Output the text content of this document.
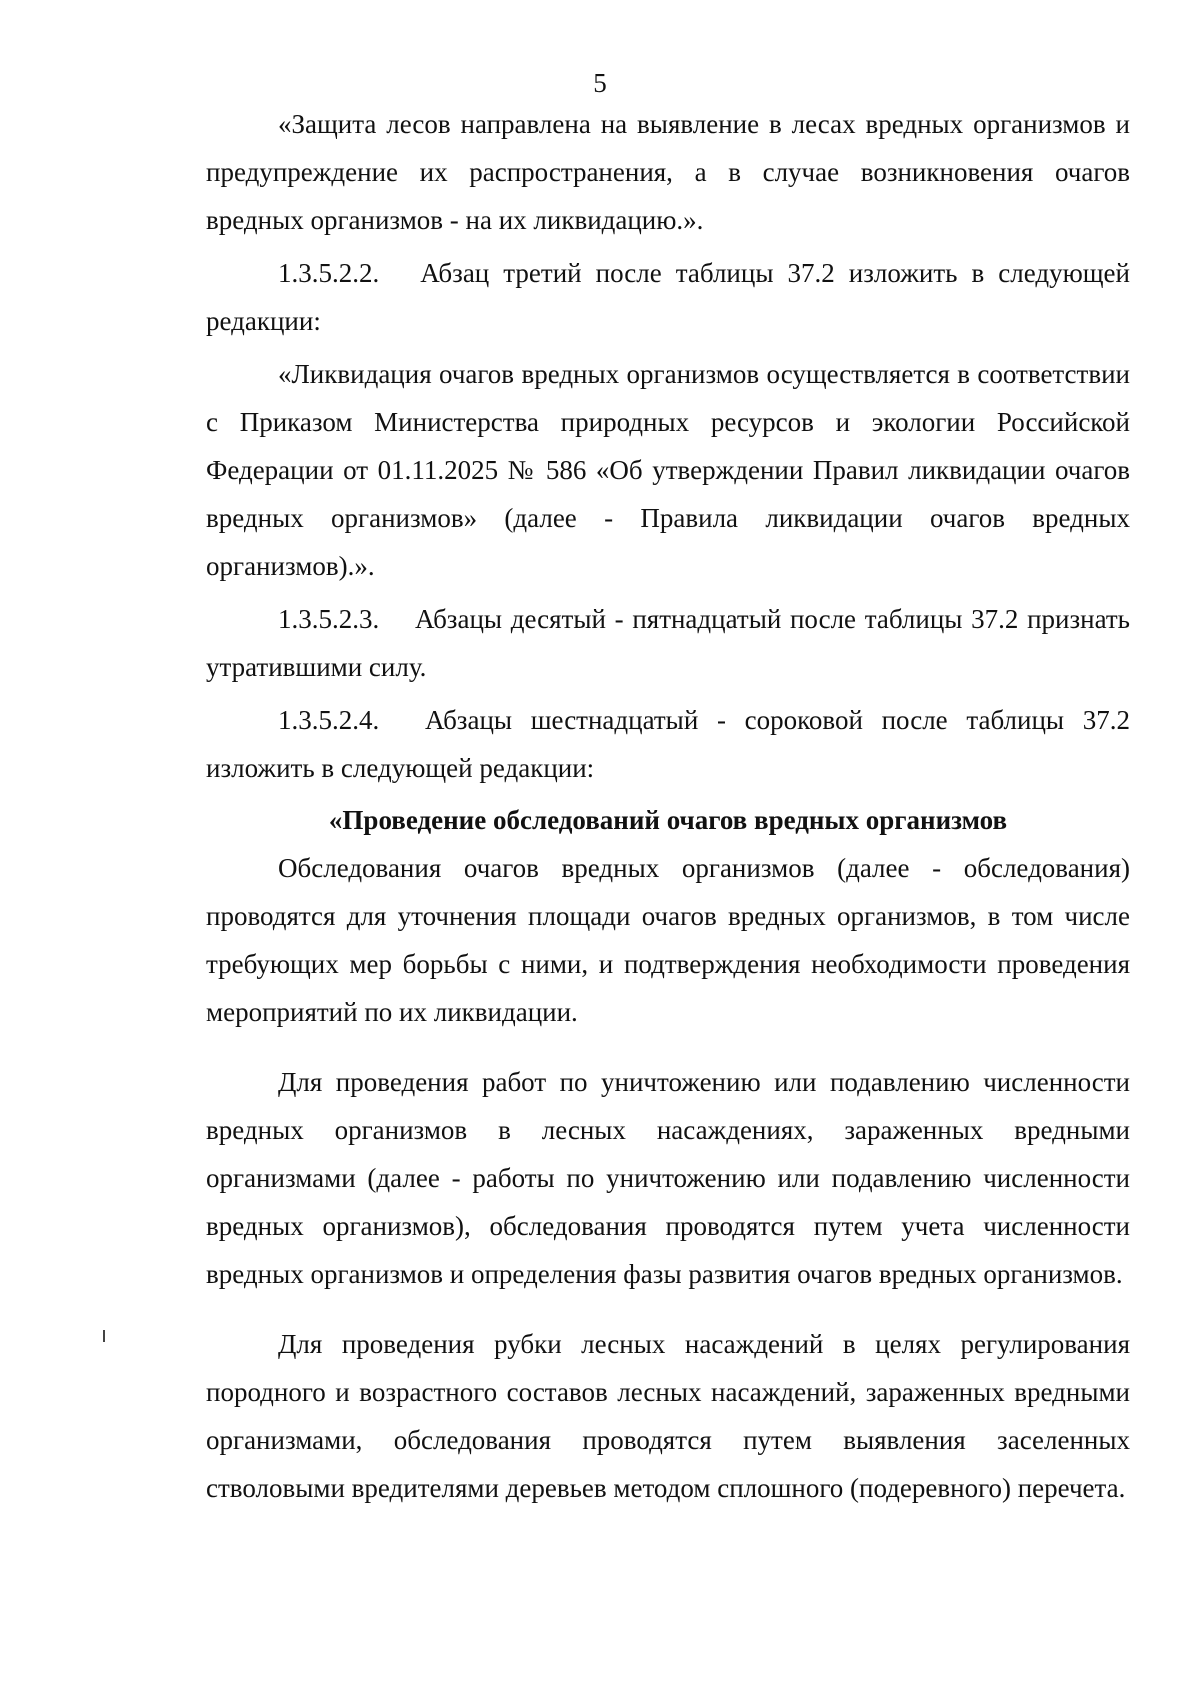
5

«Защита лесов направлена на выявление в лесах вредных организмов и предупреждение их распространения, а в случае возникновения очагов вредных организмов - на их ликвидацию.».

1.3.5.2.2.  Абзац третий после таблицы 37.2 изложить в следующей редакции:

«Ликвидация очагов вредных организмов осуществляется в соответствии с Приказом Министерства природных ресурсов и экологии Российской Федерации от 01.11.2025 № 586 «Об утверждении Правил ликвидации очагов вредных организмов» (далее - Правила ликвидации очагов вредных организмов).».

1.3.5.2.3.  Абзацы десятый - пятнадцатый после таблицы 37.2 признать утратившими силу.

1.3.5.2.4.  Абзацы шестнадцатый - сороковой после таблицы 37.2 изложить в следующей редакции:

«Проведение обследований очагов вредных организмов

Обследования очагов вредных организмов (далее - обследования) проводятся для уточнения площади очагов вредных организмов, в том числе требующих мер борьбы с ними, и подтверждения необходимости проведения мероприятий по их ликвидации.

Для проведения работ по уничтожению или подавлению численности вредных организмов в лесных насаждениях, зараженных вредными организмами (далее - работы по уничтожению или подавлению численности вредных организмов), обследования проводятся путем учета численности вредных организмов и определения фазы развития очагов вредных организмов.

Для проведения рубки лесных насаждений в целях регулирования породного и возрастного составов лесных насаждений, зараженных вредными организмами, обследования проводятся путем выявления заселенных стволовыми вредителями деревьев методом сплошного (подеревного) перечета.
